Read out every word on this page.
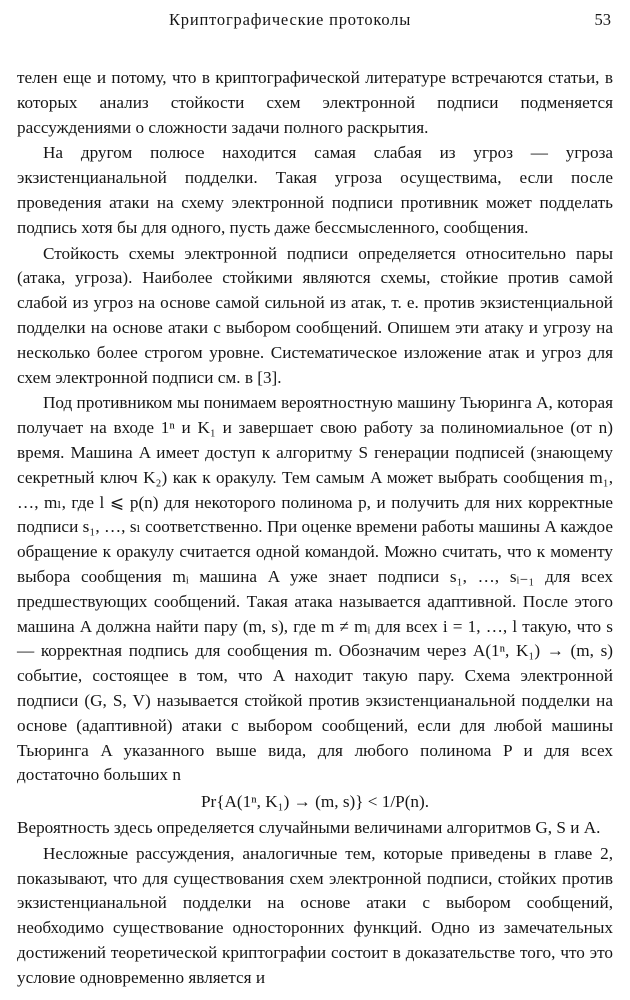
Криптографические протоколы	53

телен еще и потому, что в криптографической литературе встречаются статьи, в которых анализ стойкости схем электронной подписи подменяется рассуждениями о сложности задачи полного раскрытия.

На другом полюсе находится самая слабая из угроз — угроза экзистенцианальной подделки. Такая угроза осуществима, если после проведения атаки на схему электронной подписи противник может подделать подпись хотя бы для одного, пусть даже бессмысленного, сообщения.

Стойкость схемы электронной подписи определяется относительно пары (атака, угроза). Наиболее стойкими являются схемы, стойкие против самой слабой из угроз на основе самой сильной из атак, т. е. против экзистенциальной подделки на основе атаки с выбором сообщений. Опишем эти атаку и угрозу на несколько более строгом уровне. Систематическое изложение атак и угроз для схем электронной подписи см. в [3].

Под противником мы понимаем вероятностную машину Тьюринга A, которая получает на входе 1ⁿ и K₁ и завершает свою работу за полиномиальное (от n) время. Машина A имеет доступ к алгоритму S генерации подписей (знающему секретный ключ K₂) как к оракулу. Тем самым A может выбрать сообщения m₁, …, mₗ, где l ⩽ p(n) для некоторого полинома p, и получить для них корректные подписи s₁, …, sₗ соответственно. При оценке времени работы машины A каждое обращение к оракулу считается одной командой. Можно считать, что к моменту выбора сообщения mᵢ машина A уже знает подписи s₁, …, sᵢ₋₁ для всех предшествующих сообщений. Такая атака называется адаптивной. После этого машина A должна найти пару (m, s), где m ≠ mᵢ для всех i = 1, …, l такую, что s — корректная подпись для сообщения m. Обозначим через A(1ⁿ, K₁) → (m, s) событие, состоящее в том, что A находит такую пару. Схема электронной подписи (G, S, V) называется стойкой против экзистенцианальной подделки на основе (адаптивной) атаки с выбором сообщений, если для любой машины Тьюринга A указанного выше вида, для любого полинома P и для всех достаточно больших n

Pr{A(1ⁿ, K₁) → (m, s)} < 1/P(n).

Вероятность здесь определяется случайными величинами алгоритмов G, S и A.

Несложные рассуждения, аналогичные тем, которые приведены в главе 2, показывают, что для существования схем электронной подписи, стойких против экзистенцианальной подделки на основе атаки с выбором сообщений, необходимо существование односторонних функций. Одно из замечательных достижений теоретической криптографии состоит в доказательстве того, что это условие одновременно является и
